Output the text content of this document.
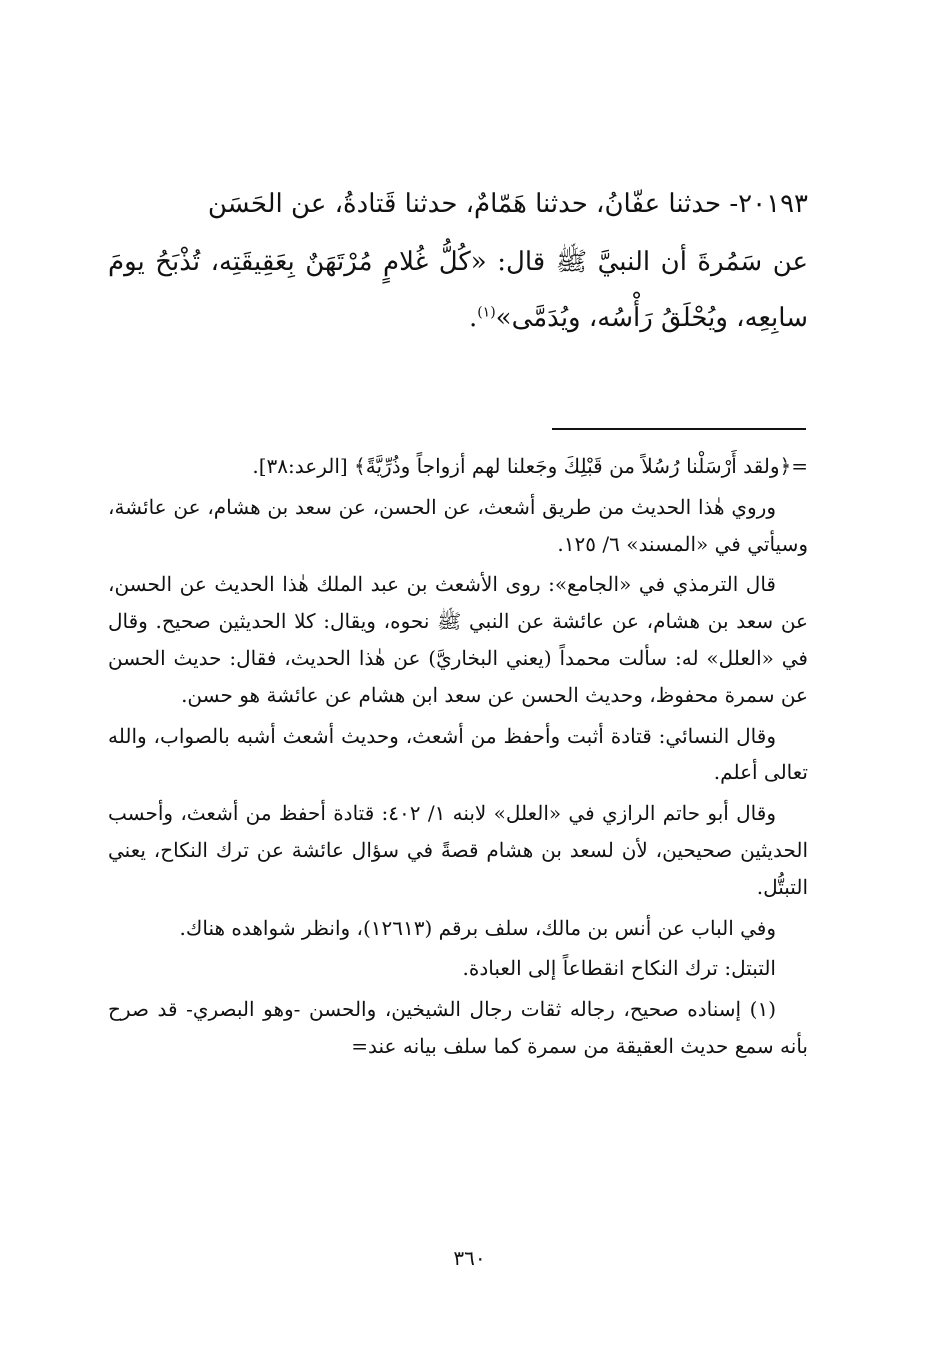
٢٠١٩٣- حدثنا عفّانُ، حدثنا هَمّامٌ، حدثنا قَتادةُ، عن الحَسَن

عن سَمُرةَ أن النبيَّ ﷺ قال: «كُلُّ غُلامٍ مُرْتَهَنٌ بِعَقِيقَتِه، تُذْبَحُ يومَ سابِعِه، ويُحْلَقُ رَأْسُه، ويُدَمَّى»$^{(١)}$.

=﴿ولقد أَرْسَلْنا رُسُلاً من قَبْلِكَ وجَعلنا لهم أزواجاً وذُرِّيَّةً﴾ [الرعد:٣٨].

وروي هٰذا الحديث من طريق أشعث، عن الحسن، عن سعد بن هشام، عن عائشة، وسيأتي في «المسند» ٦/ ١٢٥.

قال الترمذي في «الجامع»: روى الأشعث بن عبد الملك هٰذا الحديث عن الحسن، عن سعد بن هشام، عن عائشة عن النبي ﷺ نحوه، ويقال: كلا الحديثين صحيح. وقال في «العلل» له: سألت محمداً (يعني البخاريَّ) عن هٰذا الحديث، فقال: حديث الحسن عن سمرة محفوظ، وحديث الحسن عن سعد ابن هشام عن عائشة هو حسن.

وقال النسائي: قتادة أثبت وأحفظ من أشعث، وحديث أشعث أشبه بالصواب، والله تعالى أعلم.

وقال أبو حاتم الرازي في «العلل» لابنه ١/ ٤٠٢: قتادة أحفظ من أشعث، وأحسب الحديثين صحيحين، لأن لسعد بن هشام قصةً في سؤال عائشة عن ترك النكاح، يعني التبتُّل.

وفي الباب عن أنس بن مالك، سلف برقم (١٢٦١٣)، وانظر شواهده هناك.

التبتل: ترك النكاح انقطاعاً إلى العبادة.

(١) إسناده صحيح، رجاله ثقات رجال الشيخين، والحسن -وهو البصري- قد صرح بأنه سمع حديث العقيقة من سمرة كما سلف بيانه عند=

٣٦٠
